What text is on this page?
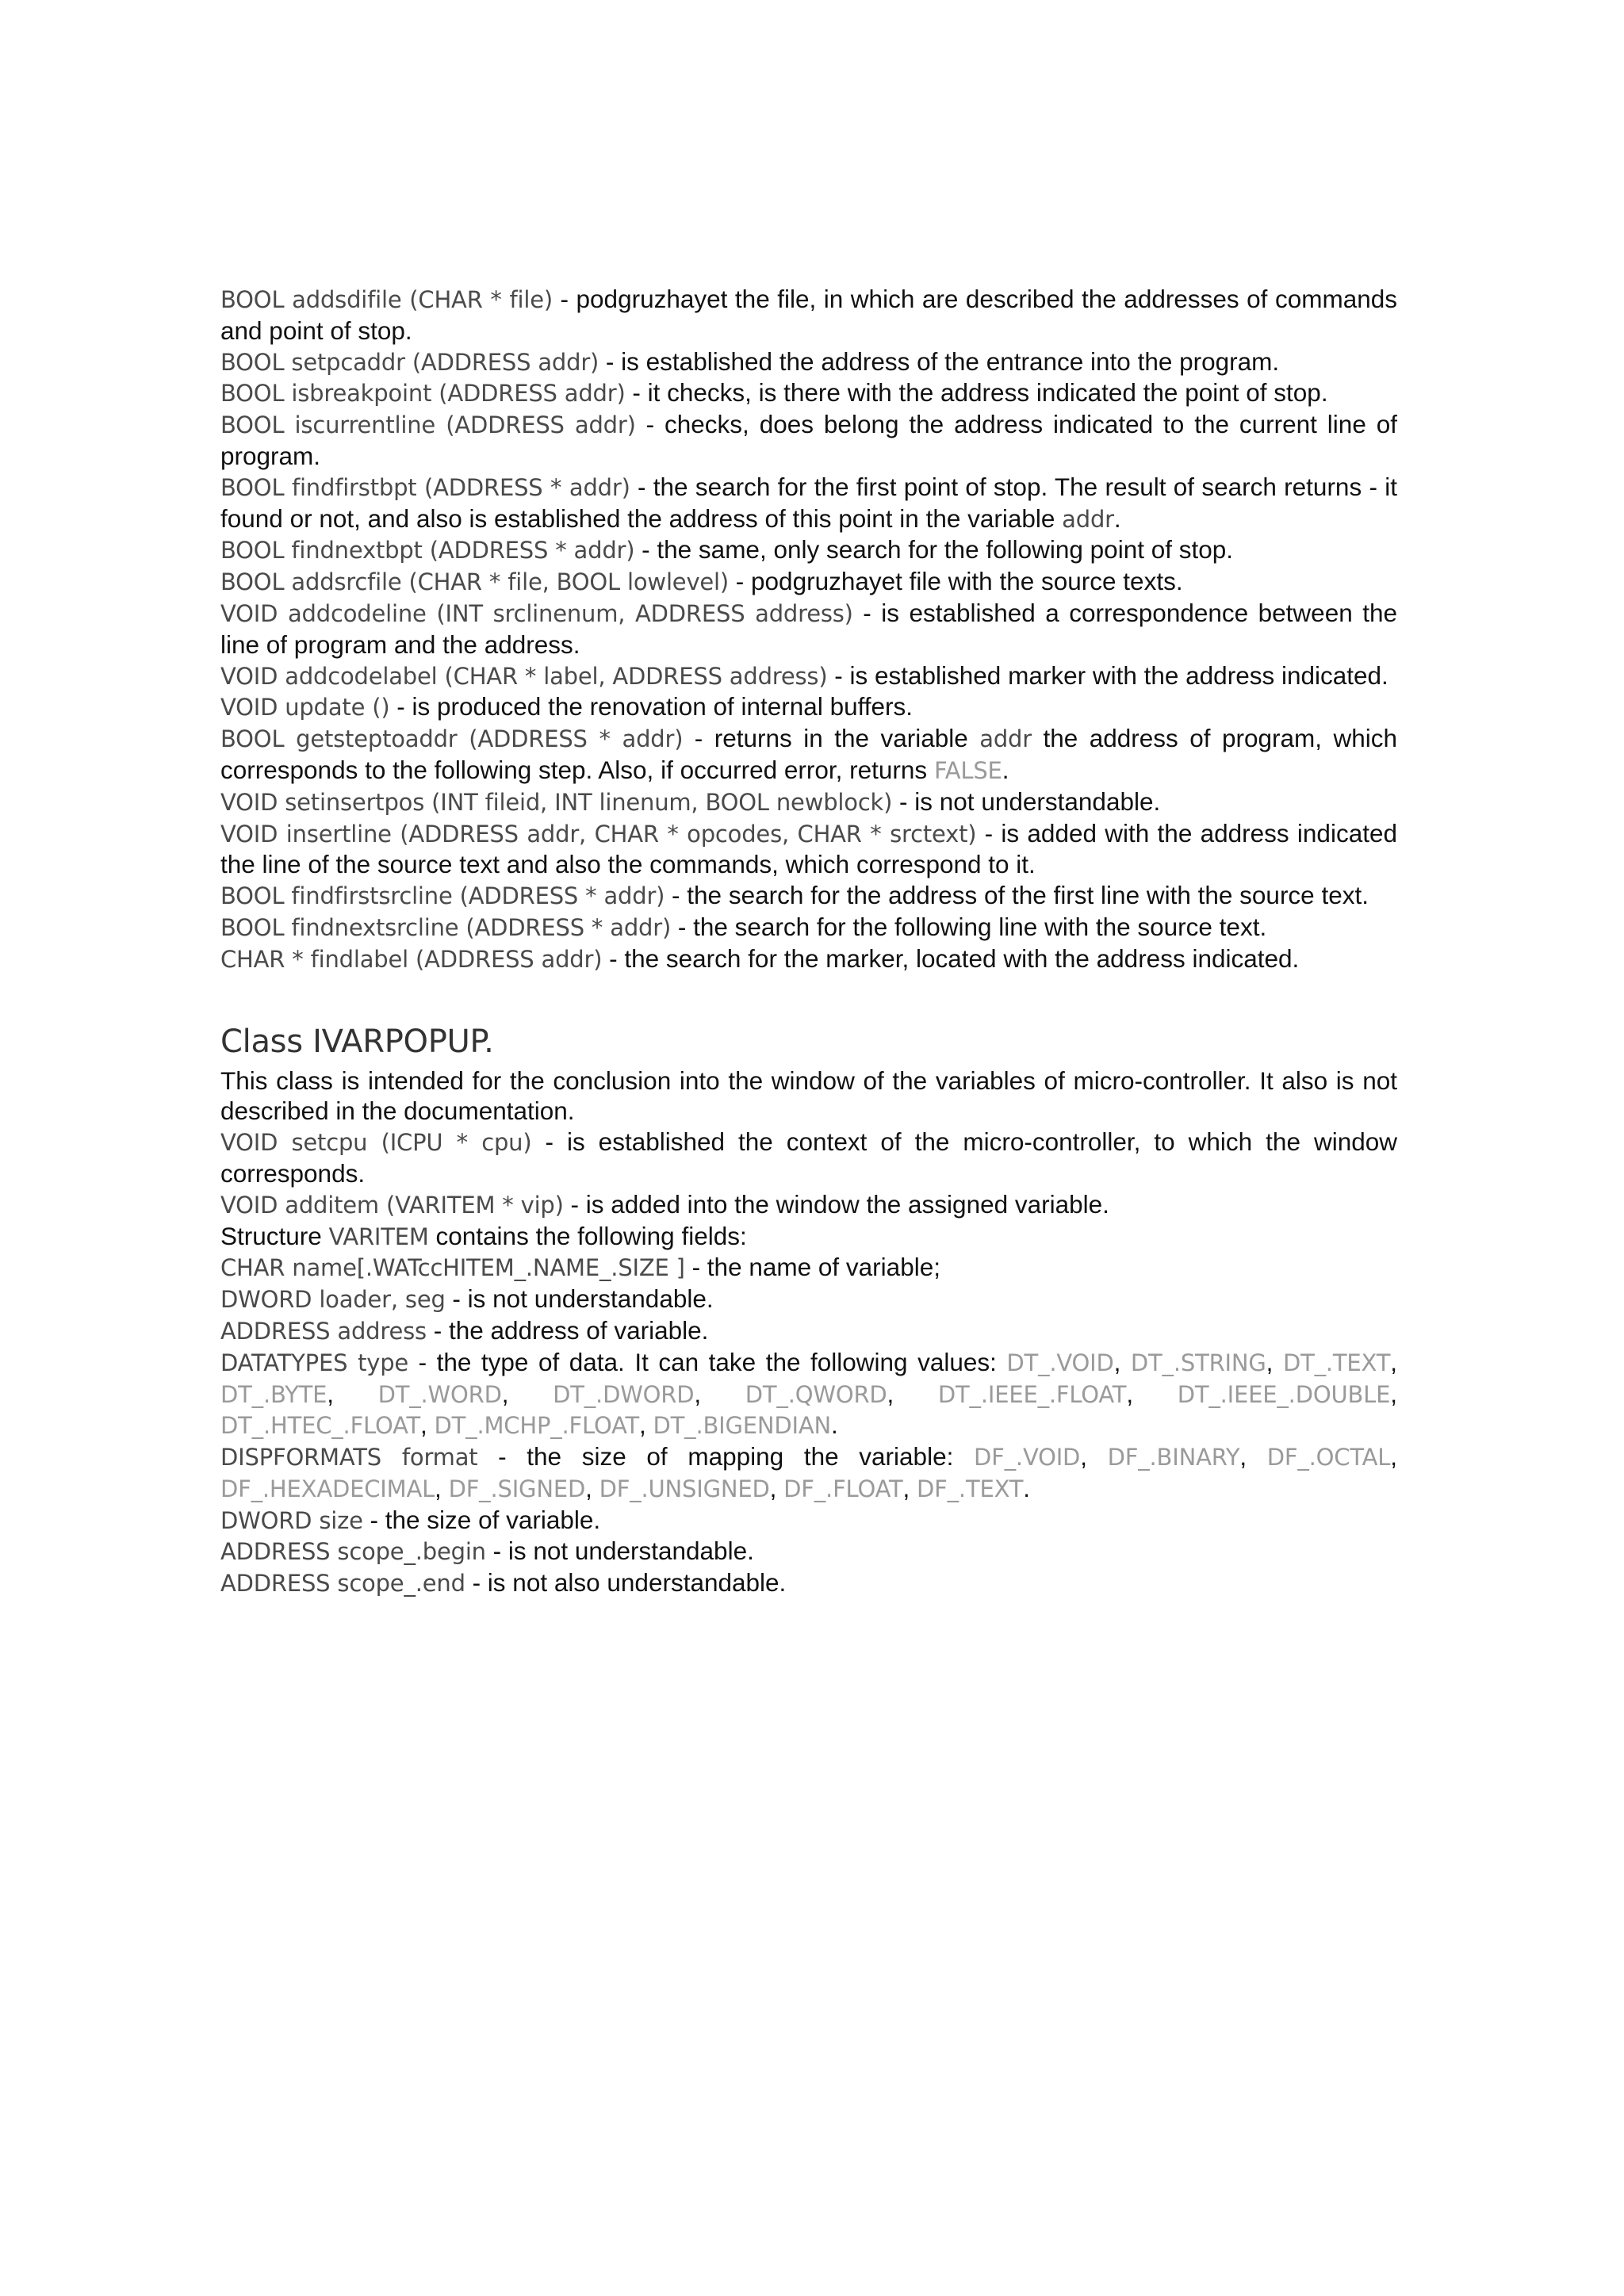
BOOL addsdifile (CHAR * file) - podgruzhayet the file, in which are described the addresses of commands and point of stop.

BOOL setpcaddr (ADDRESS addr) - is established the address of the entrance into the program.

BOOL isbreakpoint (ADDRESS addr) - it checks, is there with the address indicated the point of stop.

BOOL iscurrentline (ADDRESS addr) - checks, does belong the address indicated to the current line of program.

BOOL findfirstbpt (ADDRESS * addr) - the search for the first point of stop. The result of search returns - it found or not, and also is established the address of this point in the variable addr.

BOOL findnextbpt (ADDRESS * addr) - the same, only search for the following point of stop.

BOOL addsrcfile (CHAR * file, BOOL lowlevel) - podgruzhayet file with the source texts.

VOID addcodeline (INT srclinenum, ADDRESS address) - is established a correspondence between the line of program and the address.

VOID addcodelabel (CHAR * label, ADDRESS address) - is established marker with the address indicated.

VOID update () - is produced the renovation of internal buffers.

BOOL getsteptoaddr (ADDRESS * addr) - returns in the variable addr the address of program, which corresponds to the following step. Also, if occurred error, returns FALSE.

VOID setinsertpos (INT fileid, INT linenum, BOOL newblock) - is not understandable.

VOID insertline (ADDRESS addr, CHAR * opcodes, CHAR * srctext) - is added with the address indicated the line of the source text and also the commands, which correspond to it.

BOOL findfirstsrcline (ADDRESS * addr) - the search for the address of the first line with the source text.

BOOL findnextsrcline (ADDRESS * addr) - the search for the following line with the source text.

CHAR * findlabel (ADDRESS addr) - the search for the marker, located with the address indicated.

Class IVARPOPUP.

This class is intended for the conclusion into the window of the variables of micro-controller. It also is not described in the documentation.

VOID setcpu (ICPU * cpu) - is established the context of the micro-controller, to which the window corresponds.

VOID additem (VARITEM * vip) - is added into the window the assigned variable.

Structure VARITEM contains the following fields:

CHAR name[.WATccHITEM_.NAME_.SIZE ] - the name of variable;

DWORD loader, seg - is not understandable.

ADDRESS address - the address of variable.

DATATYPES type - the type of data. It can take the following values: DT_.VOID, DT_.STRING, DT_.TEXT, DT_.BYTE, DT_.WORD, DT_.DWORD, DT_.QWORD, DT_.IEEE_.FLOAT, DT_.IEEE_.DOUBLE, DT_.HTEC_.FLOAT, DT_.MCHP_.FLOAT, DT_.BIGENDIAN.

DISPFORMATS format - the size of mapping the variable: DF_.VOID, DF_.BINARY, DF_.OCTAL, DF_.HEXADECIMAL, DF_.SIGNED, DF_.UNSIGNED, DF_.FLOAT, DF_.TEXT.

DWORD size - the size of variable.

ADDRESS scope_.begin - is not understandable.

ADDRESS scope_.end - is not also understandable.
